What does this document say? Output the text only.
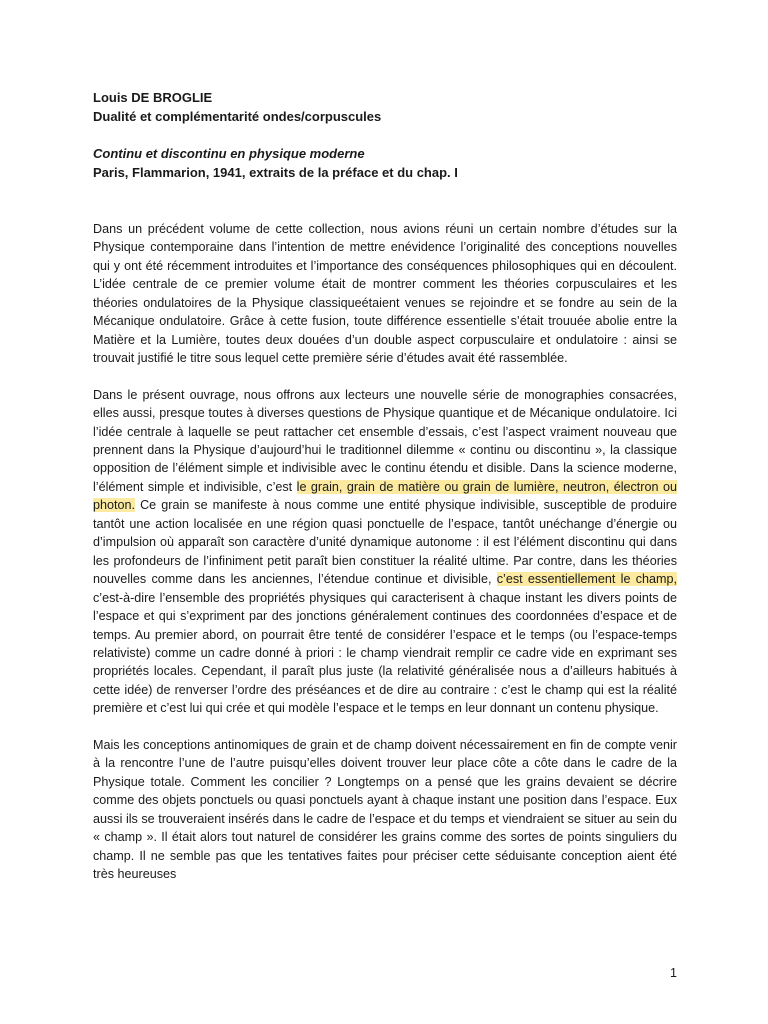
Louis DE BROGLIE

Dualité et complémentarité ondes/corpuscules

Continu et discontinu en physique moderne

Paris, Flammarion, 1941, extraits de la préface et du chap. I

Dans un précédent volume de cette collection, nous avions réuni un certain nombre d’études sur la Physique contemporaine dans l’intention de mettre enévidence l’originalité des conceptions nouvelles qui y ont été récemment introduites et l’importance des conséquences philosophiques qui en découlent. L’idée centrale de ce premier volume était de montrer comment les théories corpusculaires et les théories ondulatoires de la Physique classiqueétaient venues se rejoindre et se fondre au sein de la Mécanique ondulatoire. Grâce à cette fusion, toute différence essentielle s’était trouuée abolie entre la Matière et la Lumière, toutes deux douées d’un double aspect corpusculaire et ondulatoire : ainsi se trouvait justifié le titre sous lequel cette première série d’études avait été rassemblée.

Dans le présent ouvrage, nous offrons aux lecteurs une nouvelle série de monographies consacrées, elles aussi, presque toutes à diverses questions de Physique quantique et de Mécanique ondulatoire. Ici l’idée centrale à laquelle se peut rattacher cet ensemble d’essais, c’est l’aspect vraiment nouveau que prennent dans la Physique d’aujourd’hui le traditionnel dilemme « continu ou discontinu », la classique opposition de l’élément simple et indivisible avec le continu étendu et disible. Dans la science moderne, l’élément simple et indivisible, c’est le grain, grain de matière ou grain de lumière, neutron, électron ou photon. Ce grain se manifeste à nous comme une entité physique indivisible, susceptible de produire tantôt une action localisée en une région quasi ponctuelle de l’espace, tantôt unéchange d’énergie ou d’impulsion où apparaît son caractère d’unité dynamique autonome : il est l’élément discontinu qui dans les profondeurs de l’infiniment petit paraît bien constituer la réalité ultime. Par contre, dans les théories nouvelles comme dans les anciennes, l’étendue continue et divisible, c’est essentiellement le champ, c’est-à-dire l’ensemble des propriétés physiques qui caracterisent à chaque instant les divers points de l’espace et qui s’expriment par des jonctions généralement continues des coordonnées d’espace et de temps. Au premier abord, on pourrait être tenté de considérer l’espace et le temps (ou l’espace-temps relativiste) comme un cadre donné à priori : le champ viendrait remplir ce cadre vide en exprimant ses propriétés locales. Cependant, il paraît plus juste (la relativité généralisée nous a d’ailleurs habitués à cette idée) de renverser l’ordre des préséances et de dire au contraire : c’est le champ qui est la réalité première et c’est lui qui crée et qui modèle l’espace et le temps en leur donnant un contenu physique.

Mais les conceptions antinomiques de grain et de champ doivent nécessairement en fin de compte venir à la rencontre l’une de l’autre puisqu’elles doivent trouver leur place côte a côte dans le cadre de la Physique totale. Comment les concilier ? Longtemps on a pensé que les grains devaient se décrire comme des objets ponctuels ou quasi ponctuels ayant à chaque instant une position dans l’espace. Eux aussi ils se trouveraient insérés dans le cadre de l’espace et du temps et viendraient se situer au sein du « champ ». Il était alors tout naturel de considérer les grains comme des sortes de points singuliers du champ. Il ne semble pas que les tentatives faites pour préciser cette séduisante conception aient été très heureuses

1
